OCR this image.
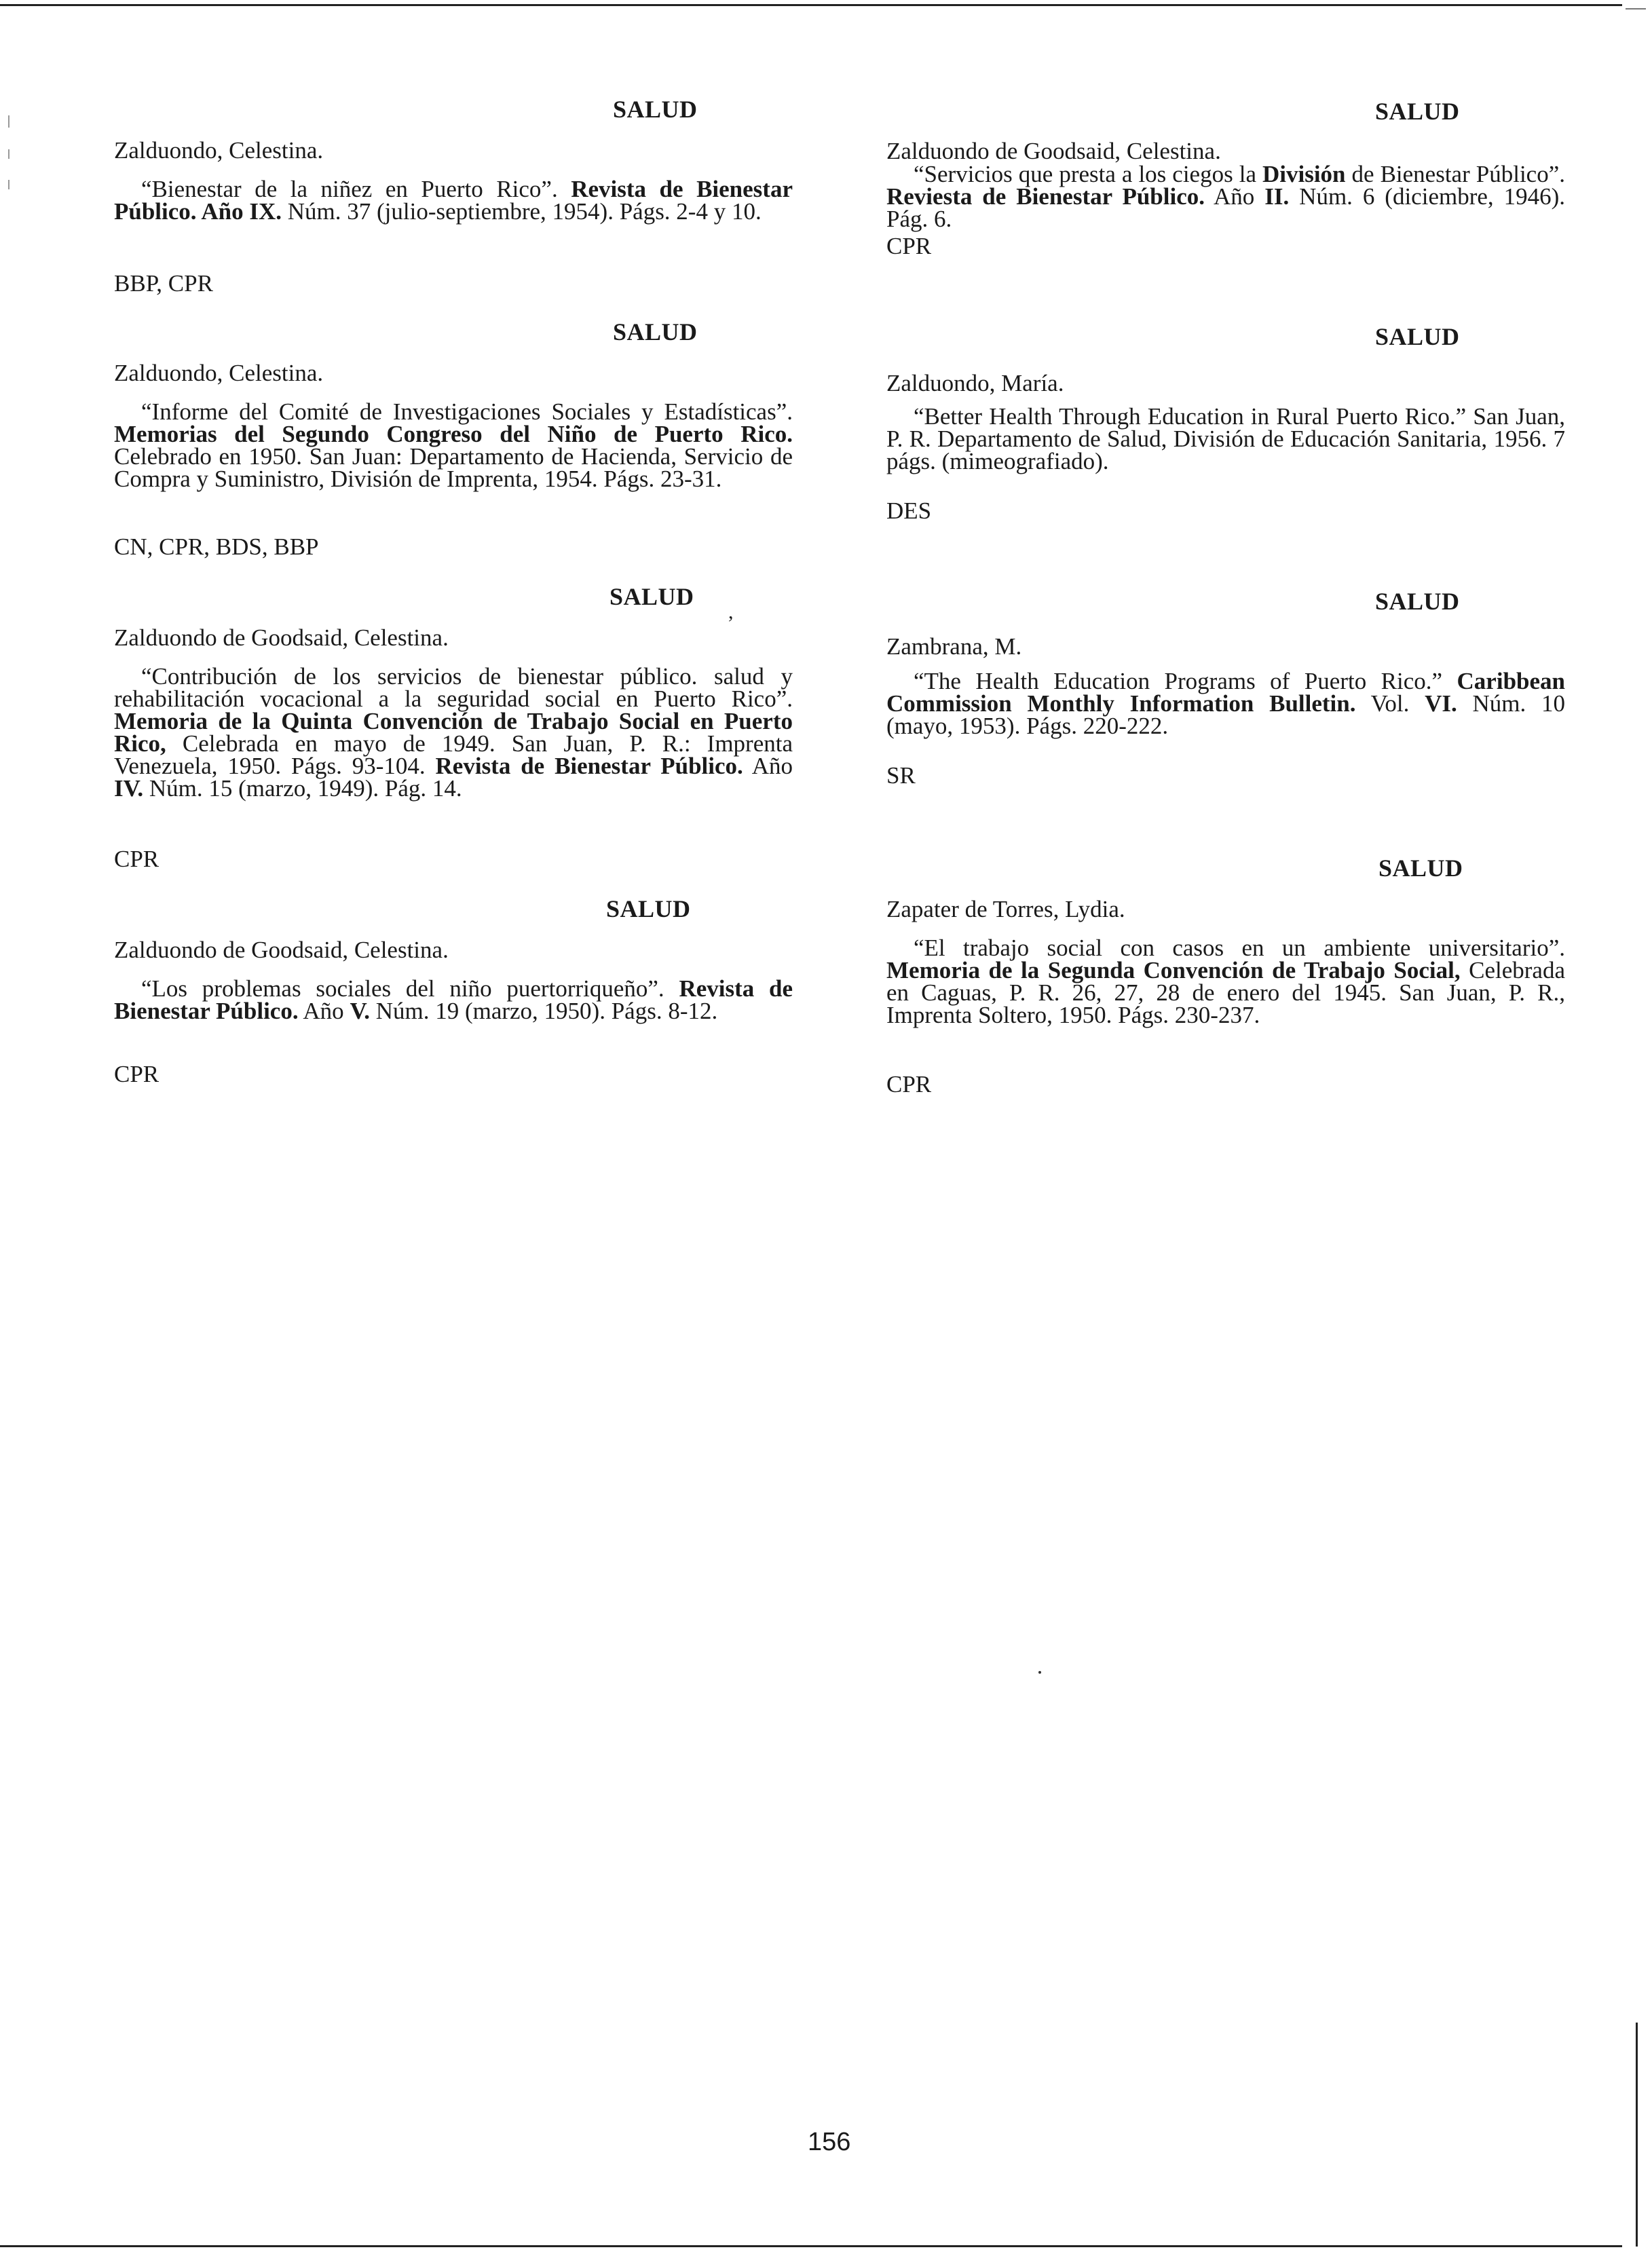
SALUD
Zalduondo, Celestina.
“Bienestar de la niñez en Puerto Rico”. Revista de Bienestar Público. Año IX. Núm. 37 (julio-septiembre, 1954). Págs. 2-4 y 10.
BBP, CPR
SALUD
Zalduondo, Celestina.
“Informe del Comité de Investigaciones Sociales y Estadísticas”. Memorias del Segundo Congreso del Niño de Puerto Rico. Celebrado en 1950. San Juan: Departamento de Hacienda, Servicio de Compra y Suministro, División de Imprenta, 1954. Págs. 23-31.
CN, CPR, BDS, BBP
SALUD
Zalduondo de Goodsaid, Celestina.
“Contribución de los servicios de bienestar público. salud y rehabilitación vocacional a la seguridad social en Puerto Rico”. Memoria de la Quinta Convención de Trabajo Social en Puerto Rico, Celebrada en mayo de 1949. San Juan, P. R.: Imprenta Venezuela, 1950. Págs. 93-104. Revista de Bienestar Público. Año IV. Núm. 15 (marzo, 1949). Pág. 14.
CPR
SALUD
Zalduondo de Goodsaid, Celestina.
“Los problemas sociales del niño puertorriqueño”. Revista de Bienestar Público. Año V. Núm. 19 (marzo, 1950). Págs. 8-12.
CPR
,
SALUD
Zalduondo de Goodsaid, Celestina.
“Servicios que presta a los ciegos la División de Bienestar Público”. Reviesta de Bienestar Público. Año II. Núm. 6 (diciembre, 1946). Pág. 6.
CPR
SALUD
Zalduondo, María.
“Better Health Through Education in Rural Puerto Rico.” San Juan, P. R. Departamento de Salud, División de Educación Sanitaria, 1956. 7 págs. (mimeografiado).
DES
SALUD
Zambrana, M.
“The Health Education Programs of Puerto Rico.” Caribbean Commission Monthly Information Bulletin. Vol. VI. Núm. 10 (mayo, 1953). Págs. 220-222.
SR
SALUD
Zapater de Torres, Lydia.
“El trabajo social con casos en un ambiente universitario”. Memoria de la Segunda Convención de Trabajo Social, Celebrada en Caguas, P. R. 26, 27, 28 de enero del 1945. San Juan, P. R., Imprenta Soltero, 1950. Págs. 230-237.
CPR
156
